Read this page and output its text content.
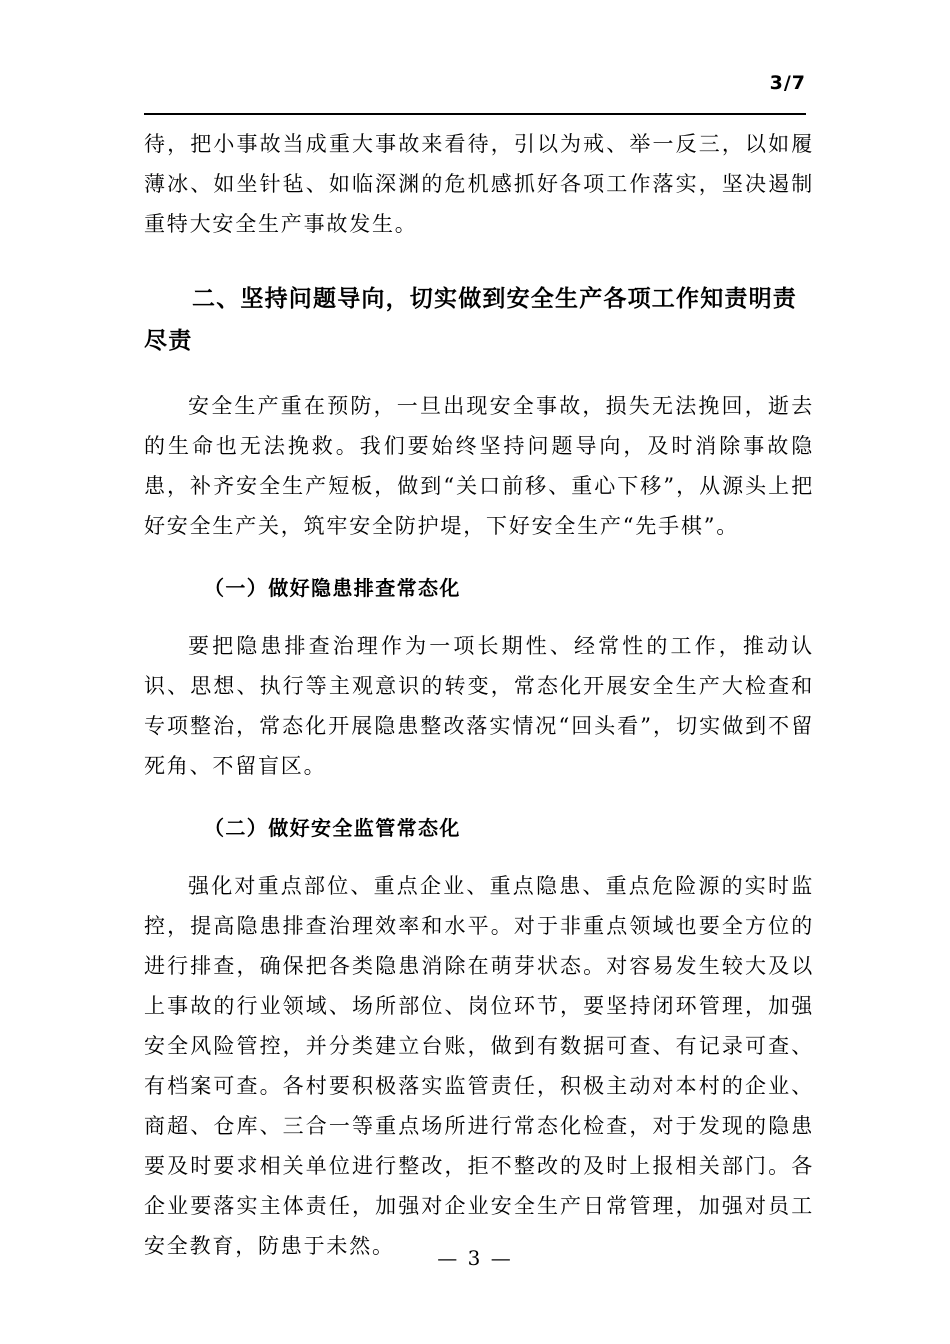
3/7

待，把小事故当成重大事故来看待，引以为戒、举一反三，以如履薄冰、如坐针毡、如临深渊的危机感抓好各项工作落实，坚决遏制重特大安全生产事故发生。

二、坚持问题导向，切实做到安全生产各项工作知责明责尽责

安全生产重在预防，一旦出现安全事故，损失无法挽回，逝去的生命也无法挽救。我们要始终坚持问题导向，及时消除事故隐患，补齐安全生产短板，做到“关口前移、重心下移”，从源头上把好安全生产关，筑牢安全防护堤，下好安全生产“先手棋”。

（一）做好隐患排查常态化

要把隐患排查治理作为一项长期性、经常性的工作，推动认识、思想、执行等主观意识的转变，常态化开展安全生产大检查和专项整治，常态化开展隐患整改落实情况“回头看”，切实做到不留死角、不留盲区。

（二）做好安全监管常态化

强化对重点部位、重点企业、重点隐患、重点危险源的实时监控，提高隐患排查治理效率和水平。对于非重点领域也要全方位的进行排查，确保把各类隐患消除在萌芽状态。对容易发生较大及以上事故的行业领域、场所部位、岗位环节，要坚持闭环管理，加强安全风险管控，并分类建立台账，做到有数据可查、有记录可查、有档案可查。各村要积极落实监管责任，积极主动对本村的企业、商超、仓库、三合一等重点场所进行常态化检查，对于发现的隐患要及时要求相关单位进行整改，拒不整改的及时上报相关部门。各企业要落实主体责任，加强对企业安全生产日常管理，加强对员工安全教育，防患于未然。	— 3 —
